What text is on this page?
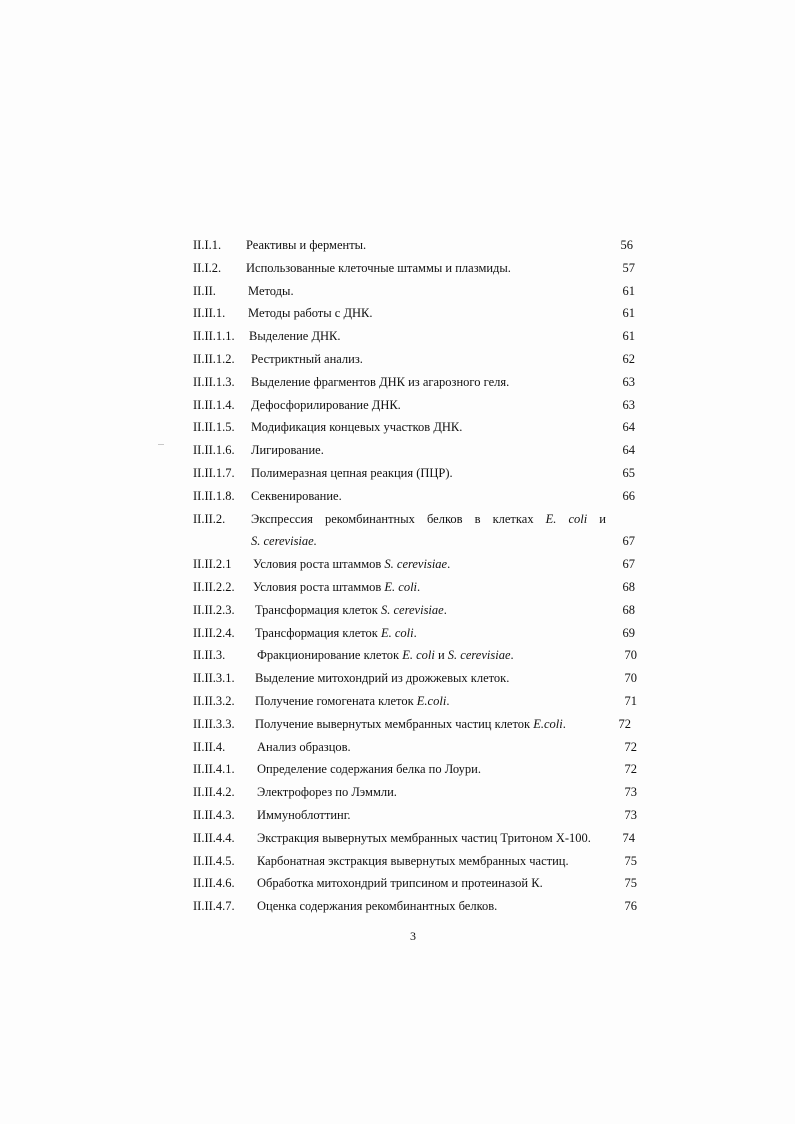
II.I.1. Реактивы и ферменты.	56
II.I.2. Использованные клеточные штаммы и плазмиды.	57
II.II.	Методы.	61
II.II.1. Методы работы с ДНК.	61
II.II.1.1. Выделение ДНК.	61
II.II.1.2. Рестриктный анализ.	62
II.II.1.3. Выделение фрагментов ДНК из агарозного геля.	63
II.II.1.4. Дефосфорилирование ДНК.	63
II.II.1.5. Модификация концевых участков ДНК.	64
II.II.1.6. Лигирование.	64
II.II.1.7. Полимеразная цепная реакция (ПЦР).	65
II.II.1.8. Секвенирование.	66
II.II.2. Экспрессия рекомбинантных белков в клетках E. coli и
S. cerevisiae.	67
II.II.2.1 Условия роста штаммов S. cerevisiae.	67
II.II.2.2. Условия роста штаммов E. coli.	68
II.II.2.3. Трансформация клеток S. cerevisiae.	68
II.II.2.4. Трансформация клеток E. coli.	69
II.II.3.	Фракционирование клеток E. coli и S. cerevisiae.	70
II.II.3.1. Выделение митохондрий из дрожжевых клеток.	70
II.II.3.2. Получение гомогената клеток E.coli.	71
II.II.3.3. Получение вывернутых мембранных частиц клеток E.coli.	72
II.II.4.	Анализ образцов.	72
II.II.4.1. Определение содержания белка по Лоури.	72
II.II.4.2. Электрофорез по Лэммли.	73
II.II.4.3. Иммуноблоттинг.	73
II.II.4.4. Экстракция вывернутых мембранных частиц Тритоном Х-100.	74
II.II.4.5. Карбонатная экстракция вывернутых мембранных частиц.	75
II.II.4.6. Обработка митохондрий трипсином и протеиназой К.	75
II.II.4.7. Оценка содержания рекомбинантных белков.	76
3
